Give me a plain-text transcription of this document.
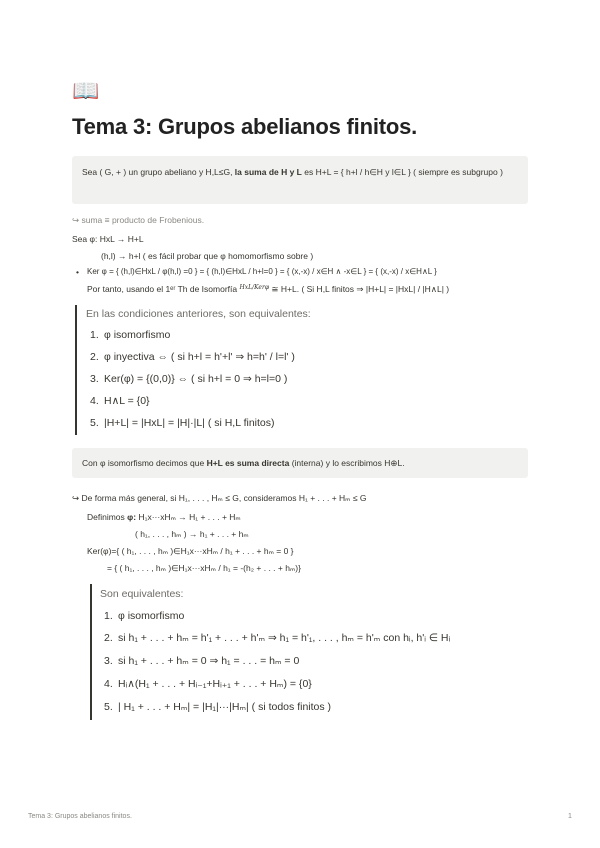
📖
Tema 3: Grupos abelianos finitos.
Sea ( G, + ) un grupo abeliano y H,L≤G, la suma de H y L es H+L = { h+l / h∈H y l∈L } ( siempre es subgrupo )
↪ suma ≡ producto de Frobenious.
Sea φ: HxL → H+L
(h,l) → h+l ( es fácil probar que φ homomorfismo sobre )
• Ker φ = { (h,l)∈HxL / φ(h,l) =0 } = { (h,l)∈HxL / h+l=0 } = { (x,-x) / x∈H ∧ -x∈L } = { (x,-x) / x∈H∧L }
Por tanto, usando el 1ᵉʳ Th de Isomorfía $^{HxL/Ker\varphi}$ ≅ H+L. ( Si H,L finitos ⇒ |H+L| = |HxL| / |H∧L| )
En las condiciones anteriores, son equivalentes:
1. φ isomorfismo
2. φ inyectiva ⇔ ( si h+l = h'+l' ⇒ h=h' / l=l' )
3. Ker(φ) = {(0,0)} ⇔ ( si h+l = 0 ⇒ h=l=0 )
4. H∧L = {0}
5. |H+L| = |HxL| = |H|·|L| ( si H,L finitos)
Con φ isomorfismo decimos que H+L es suma directa (interna) y lo escribimos H⊕L.
↪ De forma más general, si H₁, . . . , Hₘ ≤ G, consideramos H₁ + . . . + Hₘ ≤ G
Definimos φ: H₁x···xHₘ → H₁ + . . . + Hₘ
( h₁, . . . , hₘ ) → h₁ + . . . + hₘ
Ker(φ)={ ( h₁, . . . , hₘ )∈H₁x···xHₘ / h₁ + . . . + hₘ = 0 }
= { ( h₁, . . . , hₘ )∈H₁x···xHₘ / h₁ = -(h₂ + . . . + hₘ)}
Son equivalentes:
1. φ isomorfismo
2. si h₁ + . . . + hₘ = h'₁ + . . . + h'ₘ ⇒ h₁ = h'₁, . . . , hₘ = h'ₘ con hᵢ, h'ᵢ ∈ Hᵢ
3. si h₁ + . . . + hₘ = 0 ⇒ h₁ = . . . = hₘ = 0
4. Hᵢ∧(H₁ + . . . + Hᵢ₋₁+Hᵢ₊₁ + . . . + Hₘ) = {0}
5. | H₁ + . . . + Hₘ| = |H₁|···|Hₘ| ( si todos finitos )
Tema 3: Grupos abelianos finitos.	1
